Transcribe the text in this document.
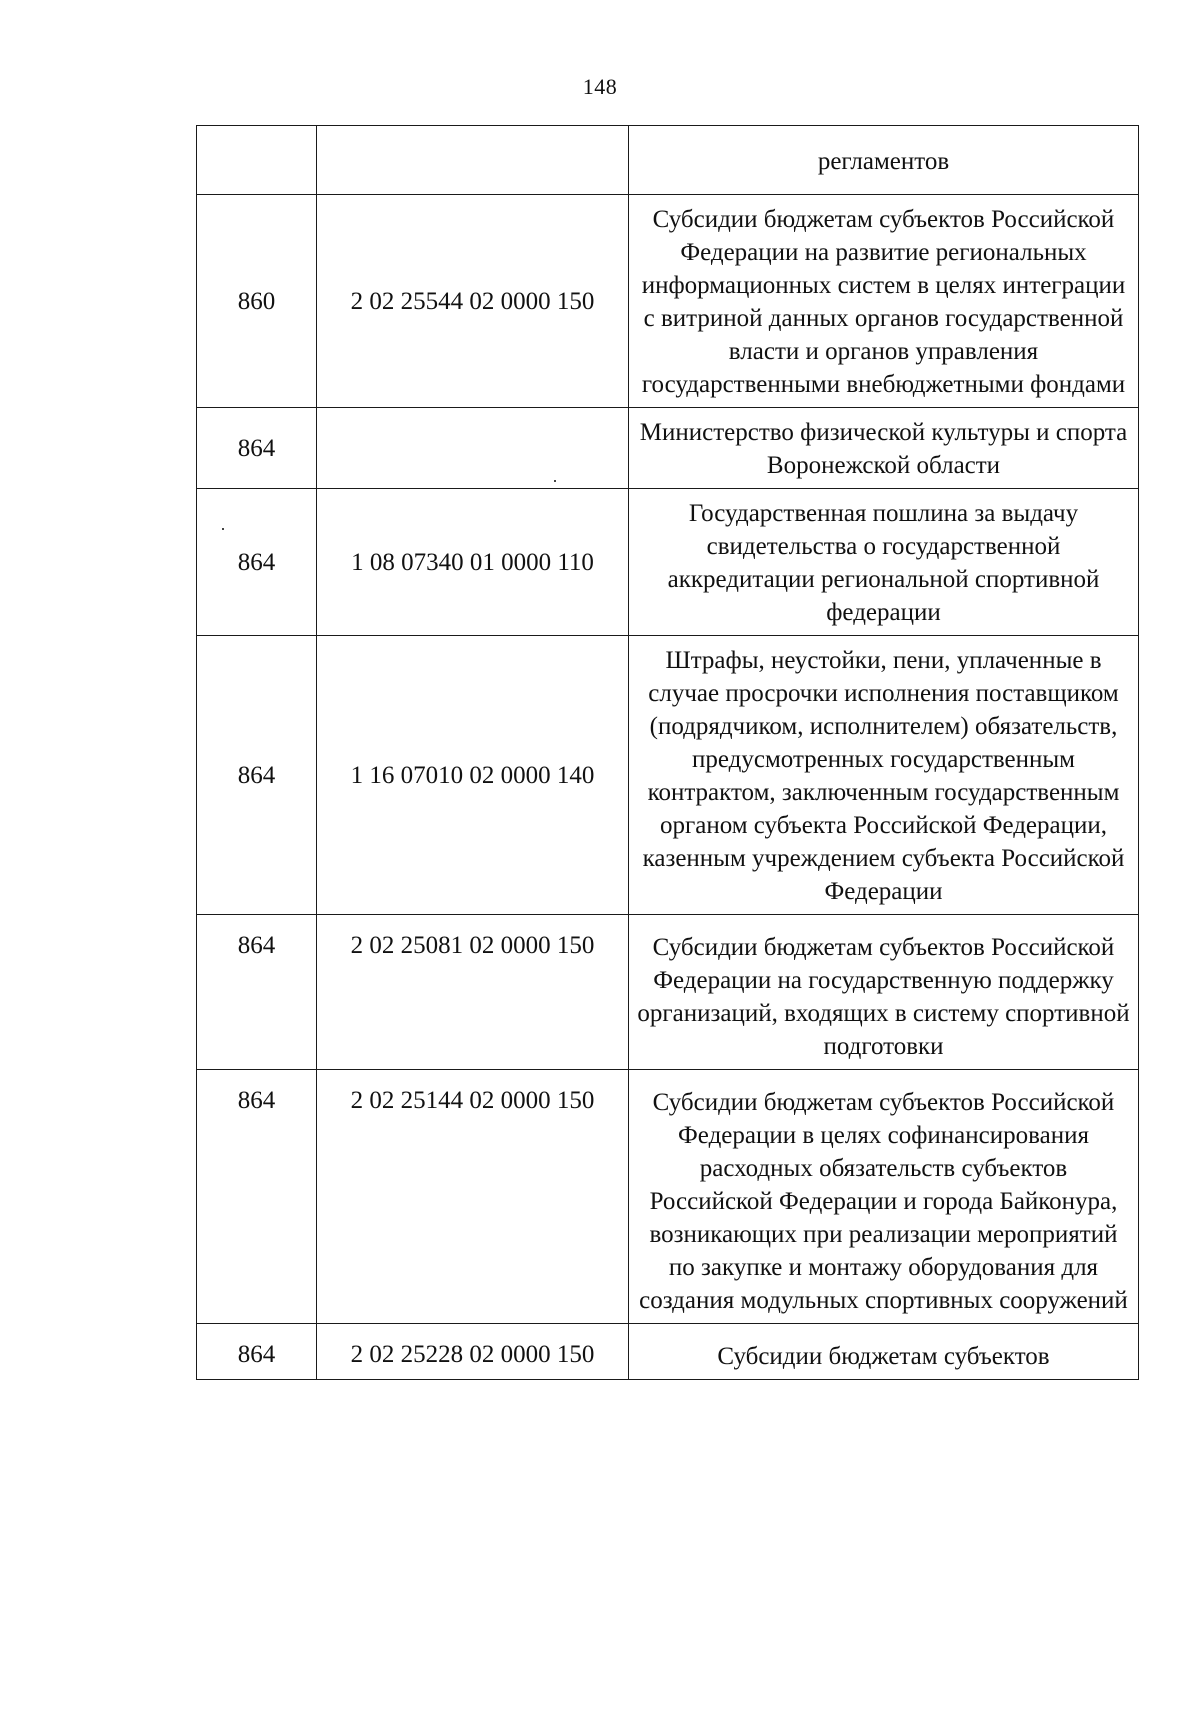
148
		регламентов
860	2 02 25544 02 0000 150	Субсидии бюджетам субъектов Российской Федерации на развитие региональных информационных систем в целях интеграции с витриной данных органов государственной власти и органов управления государственными внебюджетными фондами
864		Министерство физической культуры и спорта Воронежской области
864	1 08 07340 01 0000 110	Государственная пошлина за выдачу свидетельства о государственной аккредитации региональной спортивной федерации
864	1 16 07010 02 0000 140	Штрафы, неустойки, пени, уплаченные в случае просрочки исполнения поставщиком (подрядчиком, исполнителем) обязательств, предусмотренных государственным контрактом, заключенным государственным органом субъекта Российской Федерации, казенным учреждением субъекта Российской Федерации
864	2 02 25081 02 0000 150	Субсидии бюджетам субъектов Российской Федерации на государственную поддержку организаций, входящих в систему спортивной подготовки
864	2 02 25144 02 0000 150	Субсидии бюджетам субъектов Российской Федерации в целях софинансирования расходных обязательств субъектов Российской Федерации и города Байконура, возникающих при реализации мероприятий по закупке и монтажу оборудования для создания модульных спортивных сооружений
864	2 02 25228 02 0000 150	Субсидии бюджетам субъектов
